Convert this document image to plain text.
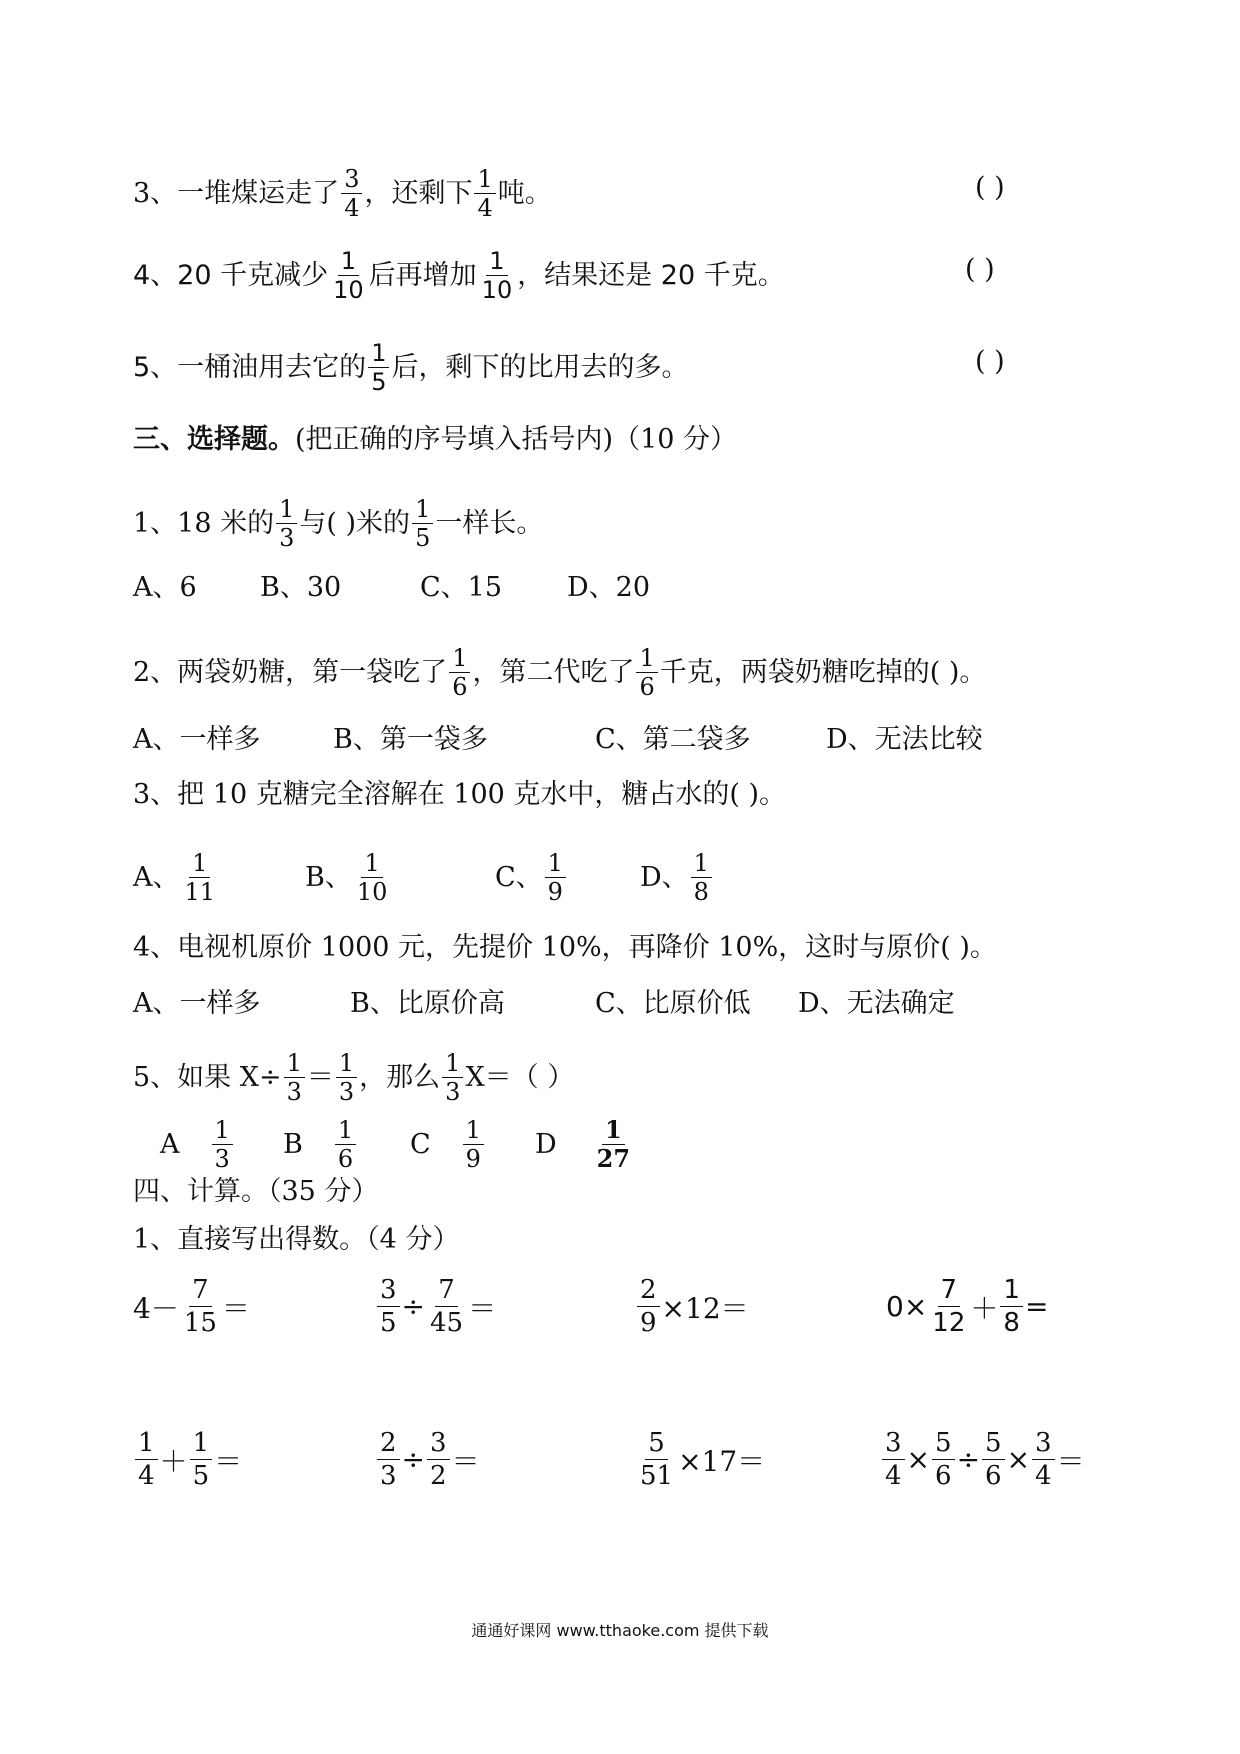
3、一堆煤运走了 $\frac{3}{4}$ ，还剩下 $\frac{1}{4}$ 吨。	( )
4、20 千克减少 $\frac{1}{10}$ 后再增加 $\frac{1}{10}$ ，结果还是 20 千克。	( )
5、一桶油用去它的 $\frac{1}{5}$ 后，剩下的比用去的多。	( )
三、选择题。 (把正确的序号填入括号内)（10 分）
1、18 米的 $\frac{1}{3}$ 与( )米的 $\frac{1}{5}$ 一样长。
A、6 B、30	C、15 D、20
2、两袋奶糖，第一袋吃了 $\frac{1}{6}$ ，第二代吃了 $\frac{1}{6}$ 千克，两袋奶糖吃掉的( )。
A、一样多	B、第一袋多	C、第二袋多	D、无法比较
3、把 10 克糖完全溶解在 100 克水中，糖占水的( )。
A、 $\frac{1}{11}$	B、 $\frac{1}{10}$	C、 $\frac{1}{9}$	D、 $\frac{1}{8}$
4、电视机原价 1000 元，先提价 10%，再降价 10%，这时与原价( )。
A、一样多	B、比原价高	C、比原价低 D、无法确定
5、如果 $X\div \frac{1}{3} = \frac{1}{3}$ ，那么 $\frac{1}{3} X=$（ ）
A $\frac{1}{3}$ B $\frac{1}{6}$ C $\frac{1}{9}$ D $\frac{1}{27}$
四、计算。（35 分）
1、直接写出得数。（4 分）
$4- \frac{7}{15}$ ＝	$\frac{3}{5} \div \frac{7}{45}$ ＝	$\frac{2}{9} \times 12=$	$0\times \frac{7}{12} + \frac{1}{8}$ =
$\frac{1}{4} + \frac{1}{5}$ ＝	$\frac{2}{3} \div \frac{3}{2}$ ＝	$\frac{5}{51} \times 17=$	$\frac{3}{4} \times \frac{5}{6} \div \frac{5}{6} \times \frac{3}{4}$ ＝
通通好课网 www.tthaoke.com 提供下载
